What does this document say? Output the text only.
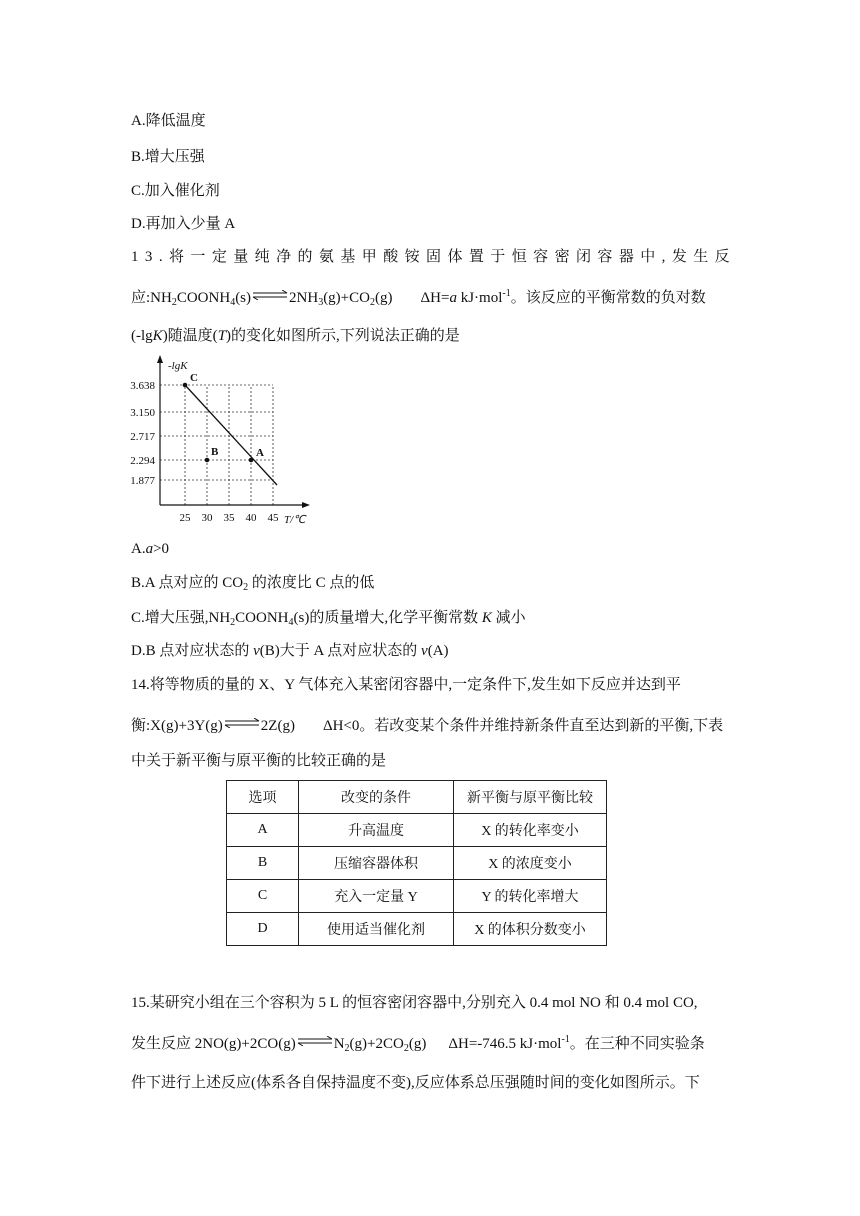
A.降低温度
B.增大压强
C.加入催化剂
D.再加入少量 A
1 3 . 将 一 定 量 纯 净 的 氨 基 甲 酸 铵 固 体 置 于 恒 容 密 闭 容 器 中 , 发 生 反
应$:NH_2COONH_4(s)\rightleftharpoons 2NH_3(g)+CO_2(g)$ ΔH=a kJ·mol$^{-1}$。该反应的平衡常数的负对数
(-lgK)随温度(T)的变化如图所示,下列说法正确的是
25 30 35 40 45
1.877
2.294
2.717
3.150
3.638
-lgK
T/℃
C
B	A
A.a>0
B.A 点对应的 $CO_2$ 的浓度比 C 点的低
C.增大压强$,NH_2COONH_4(s)$的质量增大,化学平衡常数 K 减小
D.B 点对应状态的 v(B)大于 A 点对应状态的 v(A)
14.将等物质的量的 X、Y 气体充入某密闭容器中,一定条件下,发生如下反应并达到平
衡:X(g)+3Y(g)⇌2Z(g) ΔH<0。若改变某个条件并维持新条件直至达到新的平衡,下表
中关于新平衡与原平衡的比较正确的是
选项	改变的条件	新平衡与原平衡比较
A	升高温度	X 的转化率变小
B	压缩容器体积	X 的浓度变小
C	充入一定量 Y	Y 的转化率增大
D	使用适当催化剂	X 的体积分数变小
15.某研究小组在三个容积为 5 L 的恒容密闭容器中,分别充入 0.4 mol NO 和 0.4 mol CO,
发生反应 $2NO(g)+2CO(g)\rightleftharpoons N_2(g)+2CO_2(g)$ ΔH=-746.5 kJ·mol$^{-1}$。在三种不同实验条
件下进行上述反应(体系各自保持温度不变),反应体系总压强随时间的变化如图所示。下
